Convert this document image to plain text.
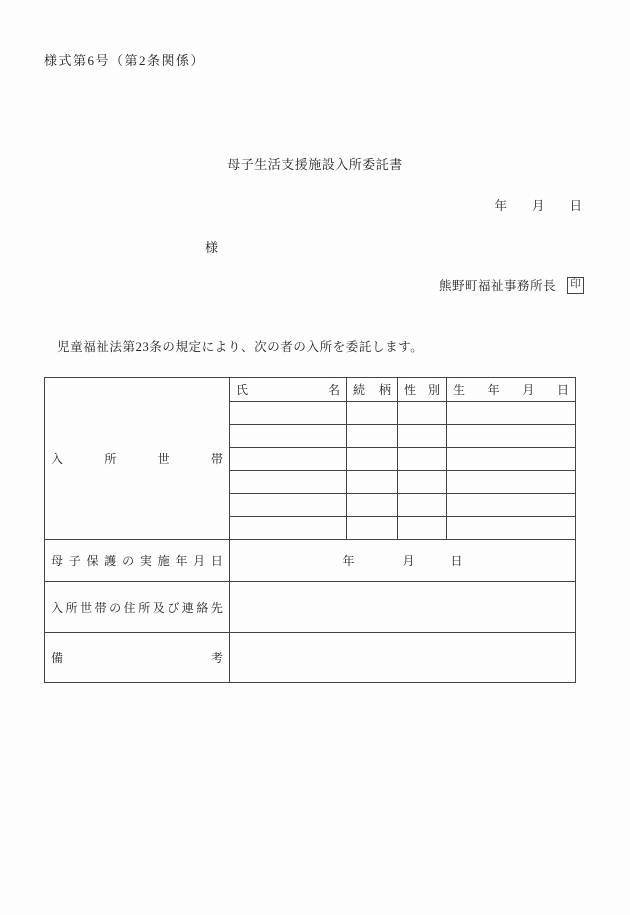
様式第6号（第2条関係）
母子生活支援施設入所委託書
年　　月　　日
様
熊野町福祉事務所長	印
児童福祉法第23条の規定により、次の者の入所を委託します。
入 所 世 帯	氏 名	続 柄	性 別	生 年 月 日

母 子 保 護 の 実 施 年 月 日	年　　　　月　　　日

入 所 世 帯 の 住 所 及 び 連 絡 先

備 考				
